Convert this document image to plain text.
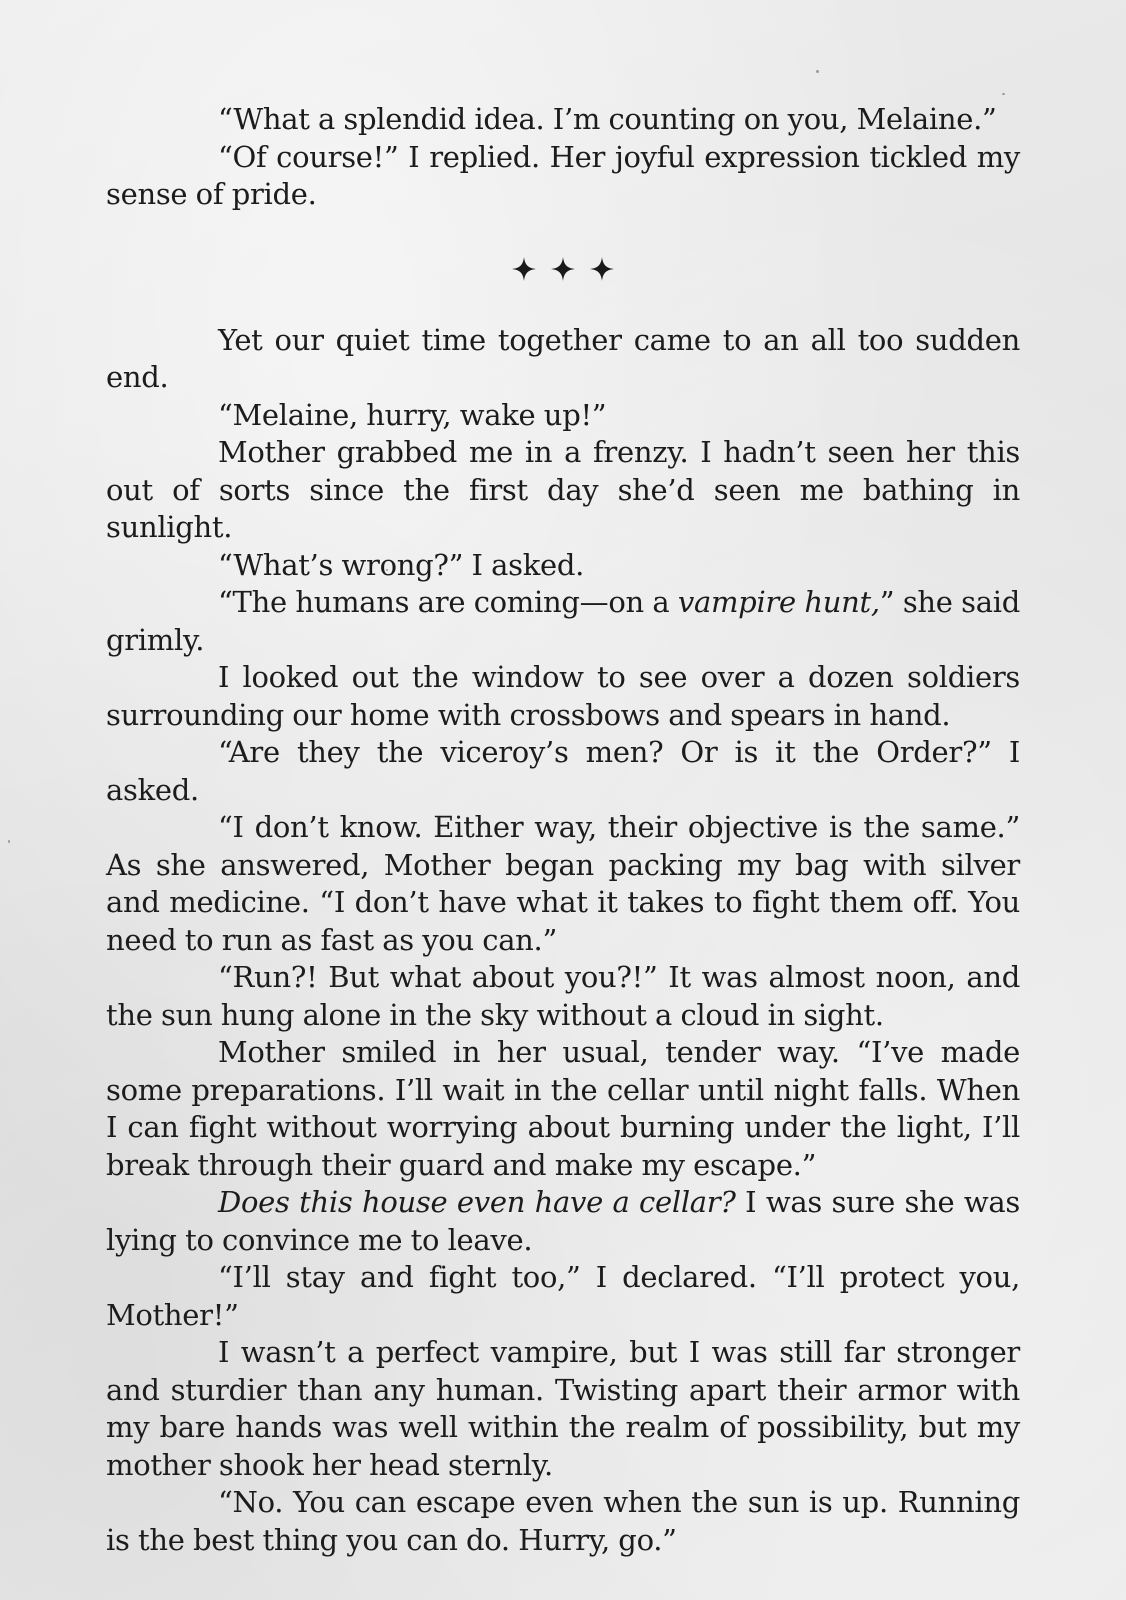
“What a splendid idea. I’m counting on you, Melaine.”

“Of course!” I replied. Her joyful expression tickled my sense of pride.

Yet our quiet time together came to an all too sudden end.

“Melaine, hurry, wake up!”

Mother grabbed me in a frenzy. I hadn’t seen her this out of sorts since the first day she’d seen me bathing in sunlight.

“What’s wrong?” I asked.

“The humans are coming—on a vampire hunt,” she said grimly.

I looked out the window to see over a dozen soldiers surrounding our home with crossbows and spears in hand.

“Are they the viceroy’s men? Or is it the Order?” I asked.

“I don’t know. Either way, their objective is the same.” As she answered, Mother began packing my bag with silver and medicine. “I don’t have what it takes to fight them off. You need to run as fast as you can.”

“Run?! But what about you?!” It was almost noon, and the sun hung alone in the sky without a cloud in sight.

Mother smiled in her usual, tender way. “I’ve made some preparations. I’ll wait in the cellar until night falls. When I can fight without worrying about burning under the light, I’ll break through their guard and make my escape.”

Does this house even have a cellar? I was sure she was lying to convince me to leave.

“I’ll stay and fight too,” I declared. “I’ll protect you, Mother!”

I wasn’t a perfect vampire, but I was still far stronger and sturdier than any human. Twisting apart their armor with my bare hands was well within the realm of possibility, but my mother shook her head sternly.

“No. You can escape even when the sun is up. Running is the best thing you can do. Hurry, go.”
